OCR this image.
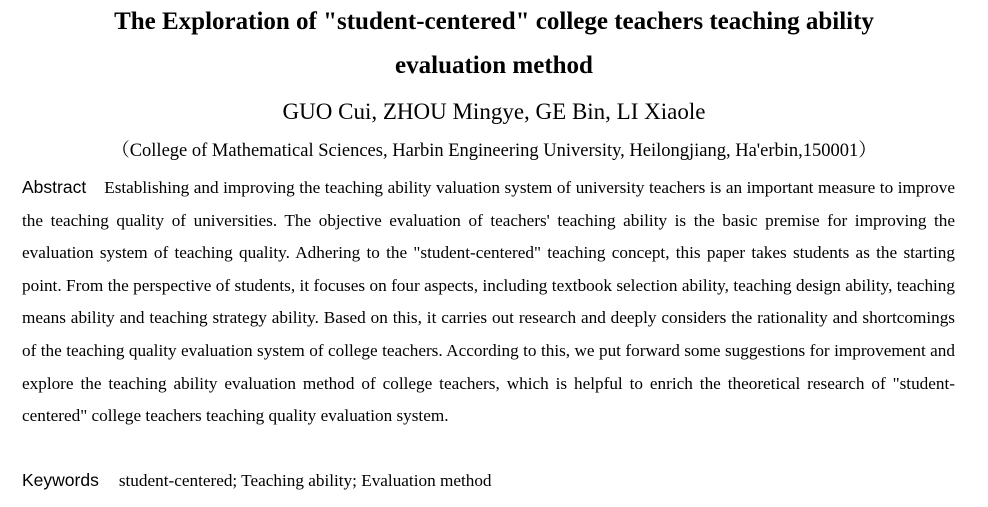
The Exploration of "student-centered" college teachers teaching ability
evaluation method
GUO Cui, ZHOU Mingye, GE Bin, LI Xiaole
（College of Mathematical Sciences, Harbin Engineering University, Heilongjiang, Ha'erbin,150001）

Abstract Establishing and improving the teaching ability valuation system of university teachers is an important measure to improve the teaching quality of universities. The objective evaluation of teachers' teaching ability is the basic premise for improving the evaluation system of teaching quality. Adhering to the "student-centered" teaching concept, this paper takes students as the starting point. From the perspective of students, it focuses on four aspects, including textbook selection ability, teaching design ability, teaching means ability and teaching strategy ability. Based on this, it carries out research and deeply considers the rationality and shortcomings of the teaching quality evaluation system of college teachers. According to this, we put forward some suggestions for improvement and explore the teaching ability evaluation method of college teachers, which is helpful to enrich the theoretical research of "student-centered" college teachers teaching quality evaluation system.

Keywords student-centered; Teaching ability; Evaluation method
